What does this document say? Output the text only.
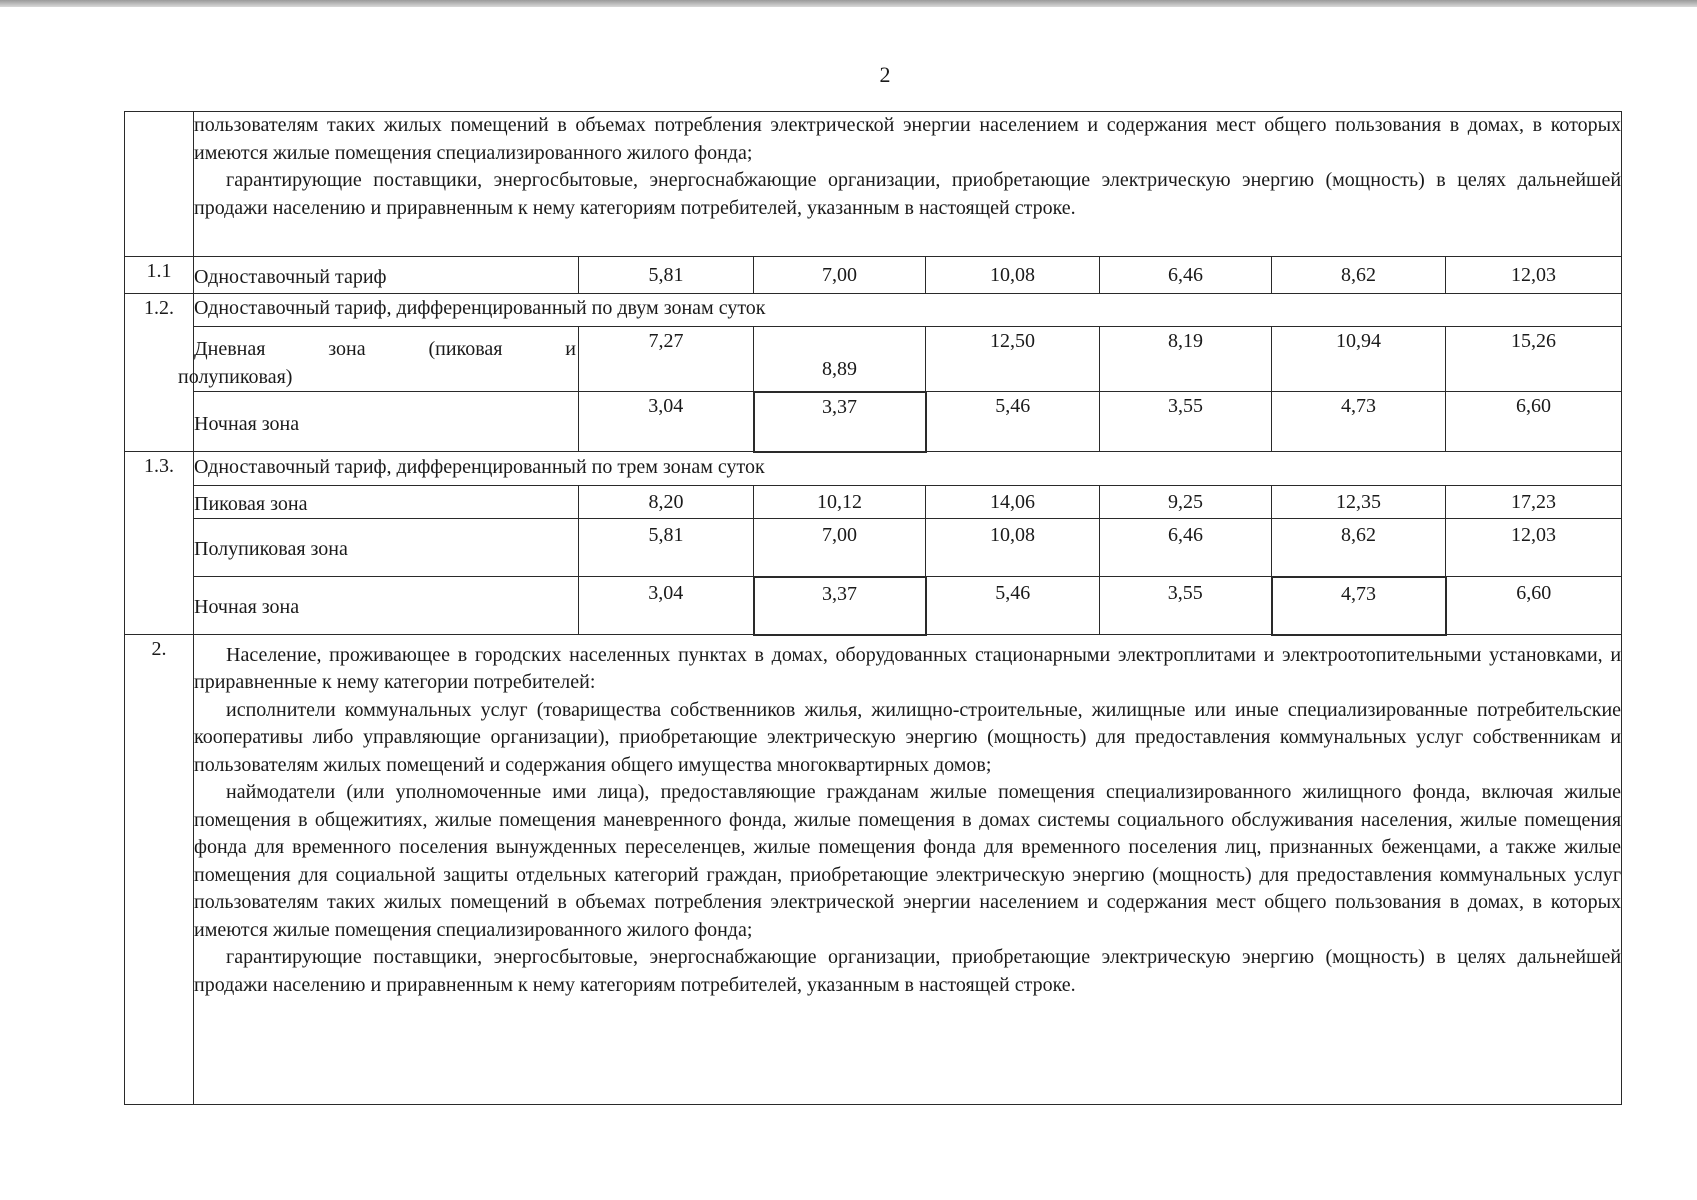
2

	пользователям таких жилых помещений в объемах потребления электрической энергии населением и содержания мест общего пользования в домах, в которых имеются жилые помещения специализированного жилого фонда;

гарантирующие поставщики, энергосбытовые, энергоснабжающие организации, приобретающие электрическую энергию (мощность) в целях дальнейшей продажи населению и приравненным к нему категориям потребителей, указанным в настоящей строке.						

1.1	Одноставочный тариф	5,81	7,00	10,08	6,46	8,62	12,03
1.2.	Одноставочный тариф, дифференцированный по двум зонам суток						

	Дневная зона (пиковая и
полупиковая)	7,27	8,89	12,50	8,19	10,94	15,26
	Ночная зона	3,04	3,37	5,46	3,55	4,73	6,60
1.3.	Одноставочный тариф, дифференцированный по трем зонам суток						
	Пиковая зона	8,20	10,12	14,06	9,25	12,35	17,23
	Полупиковая зона	5,81	7,00	10,08	6,46	8,62	12,03
	Ночная зона	3,04	3,37	5,46	3,55	4,73	6,60
2.	Население, проживающее в городских населенных пунктах в домах, оборудованных стационарными электроплитами и электроотопительными установками, и приравненные к нему категории потребителей:

исполнители коммунальных услуг (товарищества собственников жилья, жилищно-строительные, жилищные или иные специализированные потребительские кооперативы либо управляющие организации), приобретающие электрическую энергию (мощность) для предоставления коммунальных услуг собственникам и пользователям жилых помещений и содержания общего имущества многоквартирных домов;

наймодатели (или уполномоченные ими лица), предоставляющие гражданам жилые помещения специализированного жилищного фонда, включая жилые помещения в общежитиях, жилые помещения маневренного фонда, жилые помещения в домах системы социального обслуживания населения, жилые помещения фонда для временного поселения вынужденных переселенцев, жилые помещения фонда для временного поселения лиц, признанных беженцами, а также жилые помещения для социальной защиты отдельных категорий граждан, приобретающие электрическую энергию (мощность) для предоставления коммунальных услуг пользователям таких жилых помещений в объемах потребления электрической энергии населением и содержания мест общего пользования в домах, в которых имеются жилые помещения специализированного жилого фонда;

гарантирующие поставщики, энергосбытовые, энергоснабжающие организации, приобретающие электрическую энергию (мощность) в целях дальнейшей продажи населению и приравненным к нему категориям потребителей, указанным в настоящей строке.						
